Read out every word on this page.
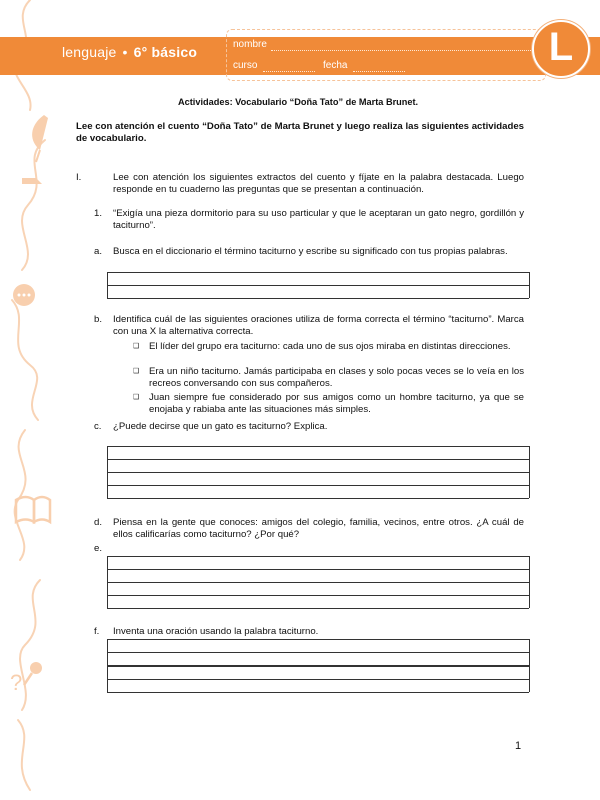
?
lenguaje • 6° básico	nombre
curso	fecha	L
Actividades: Vocabulario “Doña Tato” de Marta Brunet.
Lee con atención el cuento “Doña Tato” de Marta Brunet y luego realiza las siguientes actividades de vocabulario.
I.	Lee con atención los siguientes extractos del cuento y fíjate en la palabra destacada. Luego responde en tu cuaderno las preguntas que se presentan a continuación.
1. “Exigía una pieza dormitorio para su uso particular y que le aceptaran un gato negro, gordillón y taciturno”.
a. Busca en el diccionario el término taciturno y escribe su significado con tus propias palabras.
b. Identifica cuál de las siguientes oraciones utiliza de forma correcta el término “taciturno”. Marca con una X la alternativa correcta.
❑ El líder del grupo era taciturno: cada uno de sus ojos miraba en distintas direcciones.
❑ Era un niño taciturno. Jamás participaba en clases y solo pocas veces se lo veía en los recreos conversando con sus compañeros.
❑ Juan siempre fue considerado por sus amigos como un hombre taciturno, ya que se enojaba y rabiaba ante las situaciones más simples.
c. ¿Puede decirse que un gato es taciturno? Explica.
d. Piensa en la gente que conoces: amigos del colegio, familia, vecinos, entre otros. ¿A cuál de ellos calificarías como taciturno? ¿Por qué?
e.
f. Inventa una oración usando la palabra taciturno.
1
